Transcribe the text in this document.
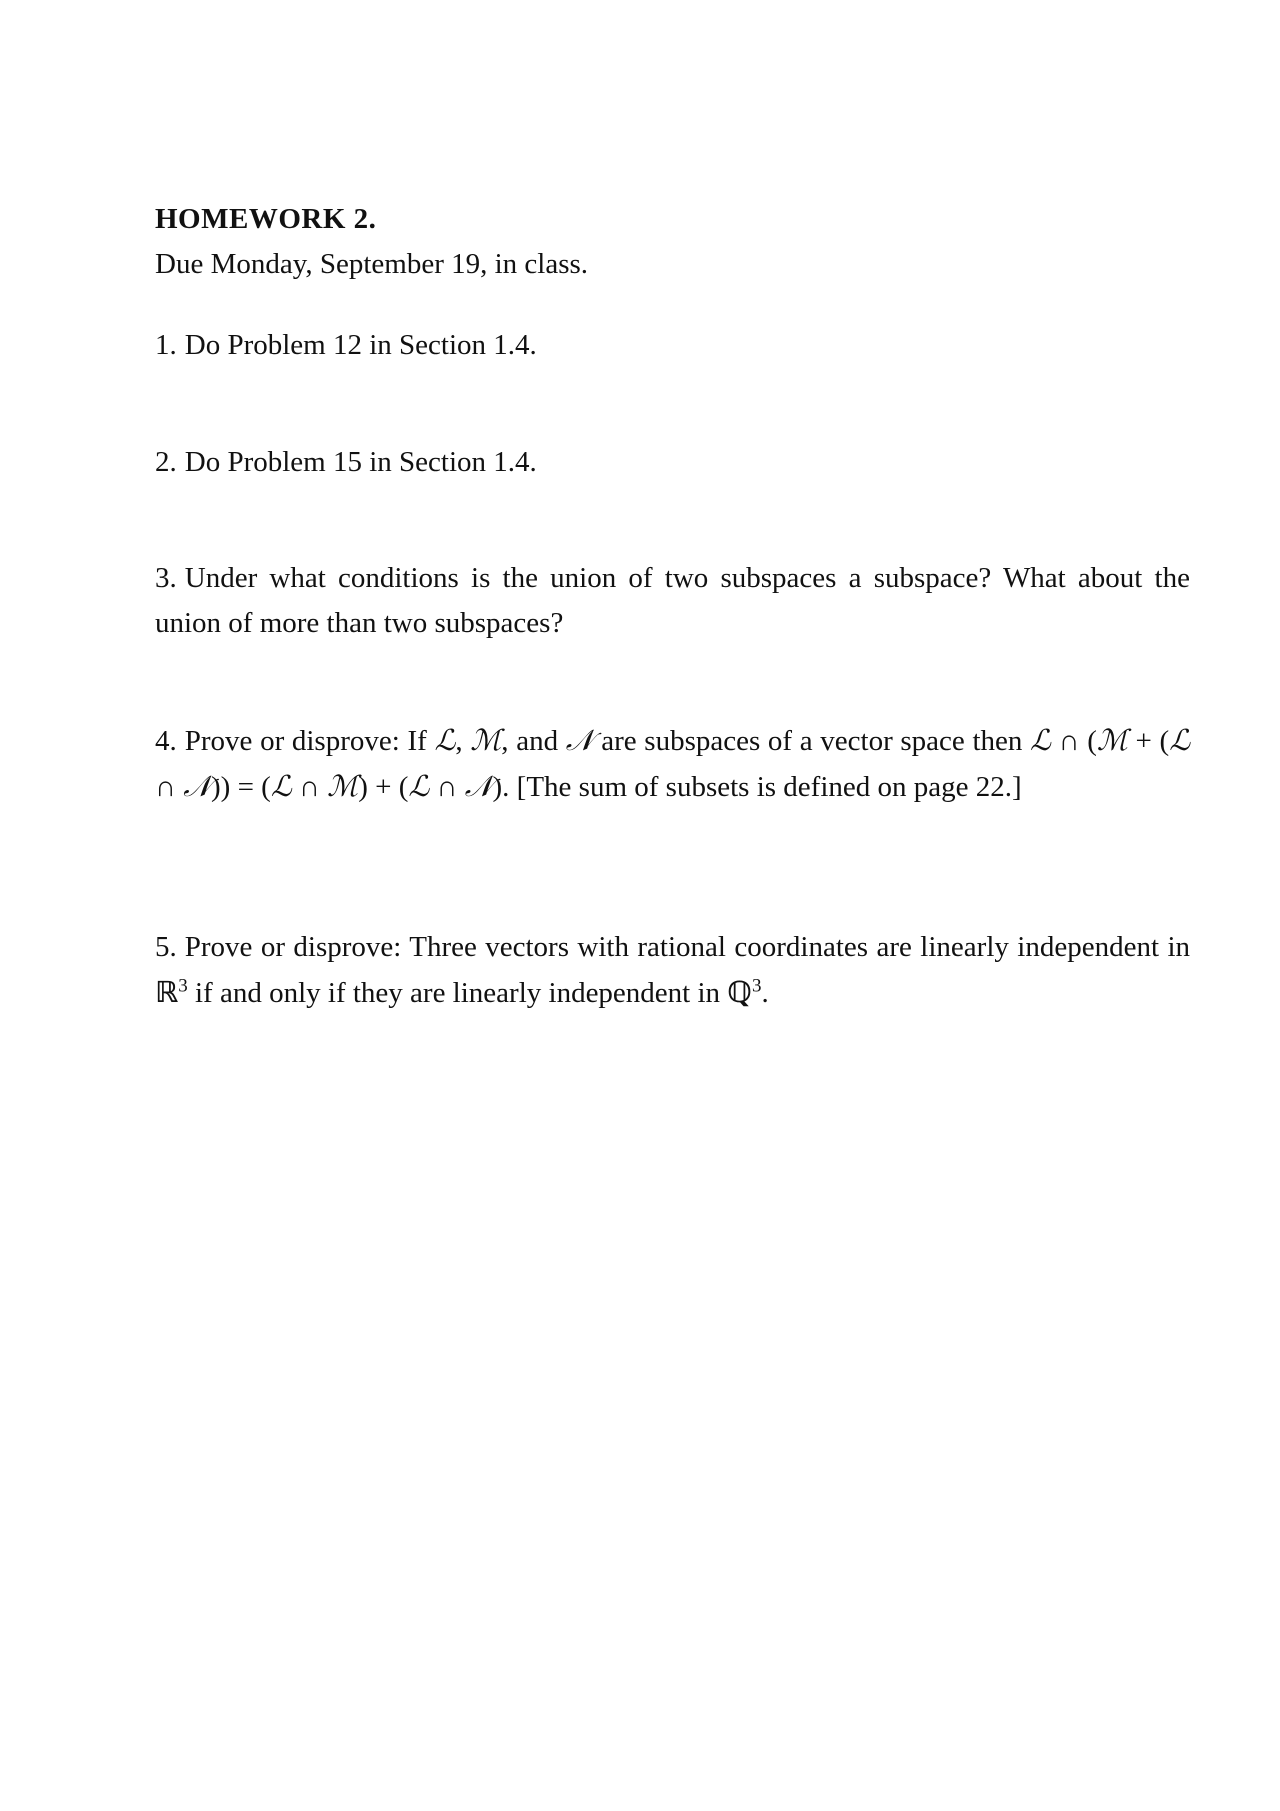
HOMEWORK 2.
Due Monday, September 19, in class.
1. Do Problem 12 in Section 1.4.
2. Do Problem 15 in Section 1.4.
3. Under what conditions is the union of two subspaces a subspace? What about the union of more than two subspaces?
4. Prove or disprove: If ℒ, ℳ, and 𝒩 are subspaces of a vector space then ℒ ∩ (ℳ + (ℒ ∩ 𝒩)) = (ℒ ∩ ℳ) + (ℒ ∩ 𝒩). [The sum of subsets is defined on page 22.]
5. Prove or disprove: Three vectors with rational coordinates are linearly independent in ℝ$^3$ if and only if they are linearly independent in ℚ$^3$.
